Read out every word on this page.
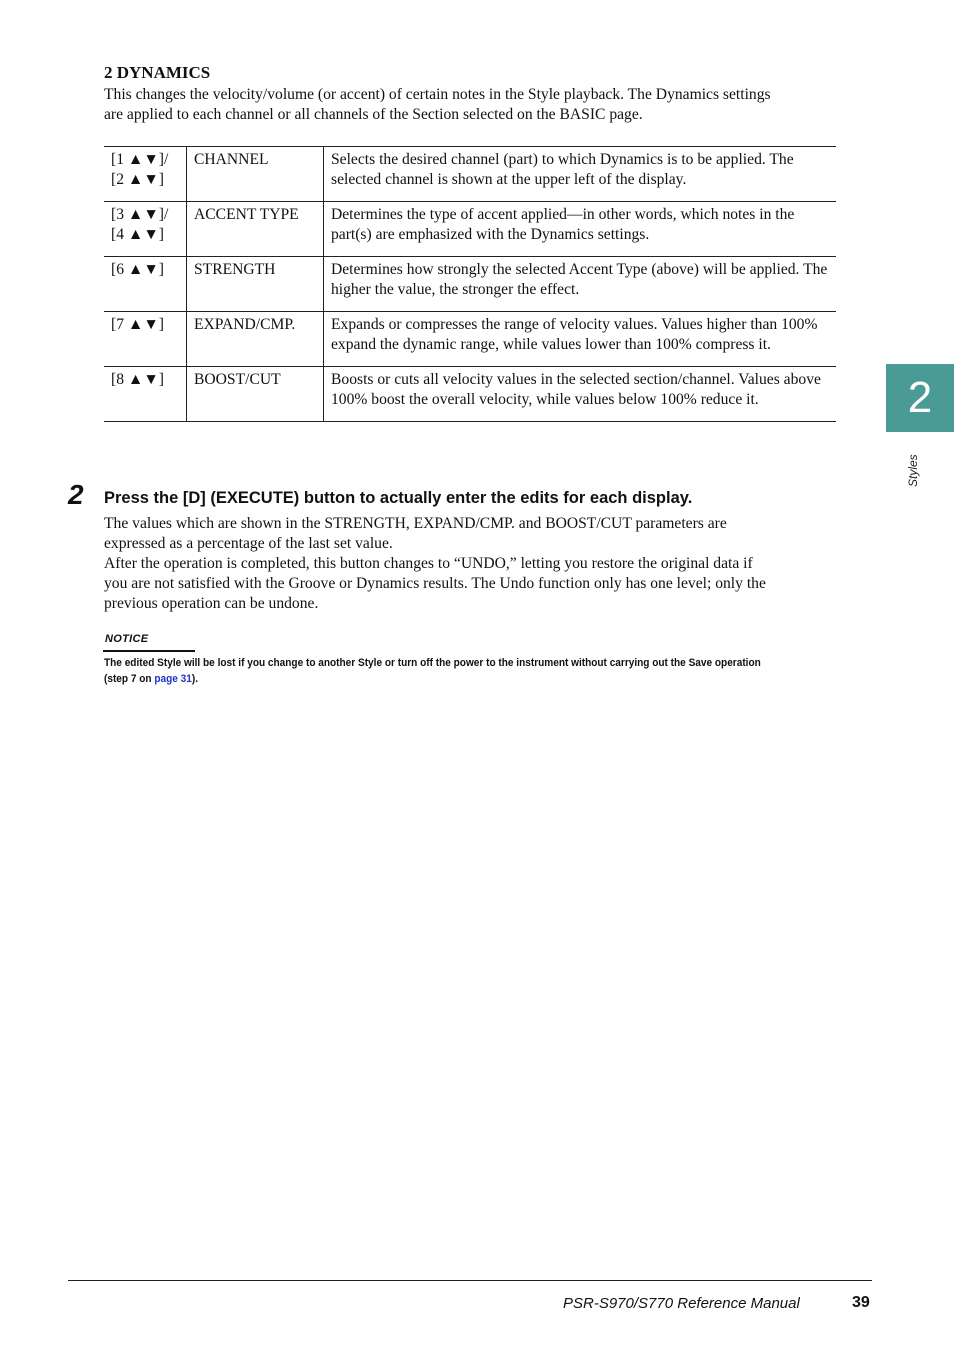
2 DYNAMICS

This changes the velocity/volume (or accent) of certain notes in the Style playback. The Dynamics settings

are applied to each channel or all channels of the Section selected on the BASIC page.

[1 ▲▼]/
[2 ▲▼]	CHANNEL	Selects the desired channel (part) to which Dynamics is to be applied. The selected channel is shown at the upper left of the display.

[3 ▲▼]/
[4 ▲▼]	ACCENT TYPE	Determines the type of accent applied—in other words, which notes in the part(s) are emphasized with the Dynamics settings.

[6 ▲▼]	STRENGTH	Determines how strongly the selected Accent Type (above) will be applied. The higher the value, the stronger the effect.

[7 ▲▼]	EXPAND/CMP.	Expands or compresses the range of velocity values. Values higher than 100% expand the dynamic range, while values lower than 100% compress it.

[8 ▲▼]	BOOST/CUT	Boosts or cuts all velocity values in the selected section/channel. Values above 100% boost the overall velocity, while values below 100% reduce it.
2 Press the [D] (EXECUTE) button to actually enter the edits for each display.

The values which are shown in the STRENGTH, EXPAND/CMP. and BOOST/CUT parameters are

expressed as a percentage of the last set value.

After the operation is completed, this button changes to “UNDO,” letting you restore the original data if

you are not satisfied with the Groove or Dynamics results. The Undo function only has one level; only the

previous operation can be undone.

NOTICE
The edited Style will be lost if you change to another Style or turn off the power to the instrument without carrying out the Save operation
(step 7 on page 31).
2
Styles
PSR-S970/S770 Reference Manual	39
